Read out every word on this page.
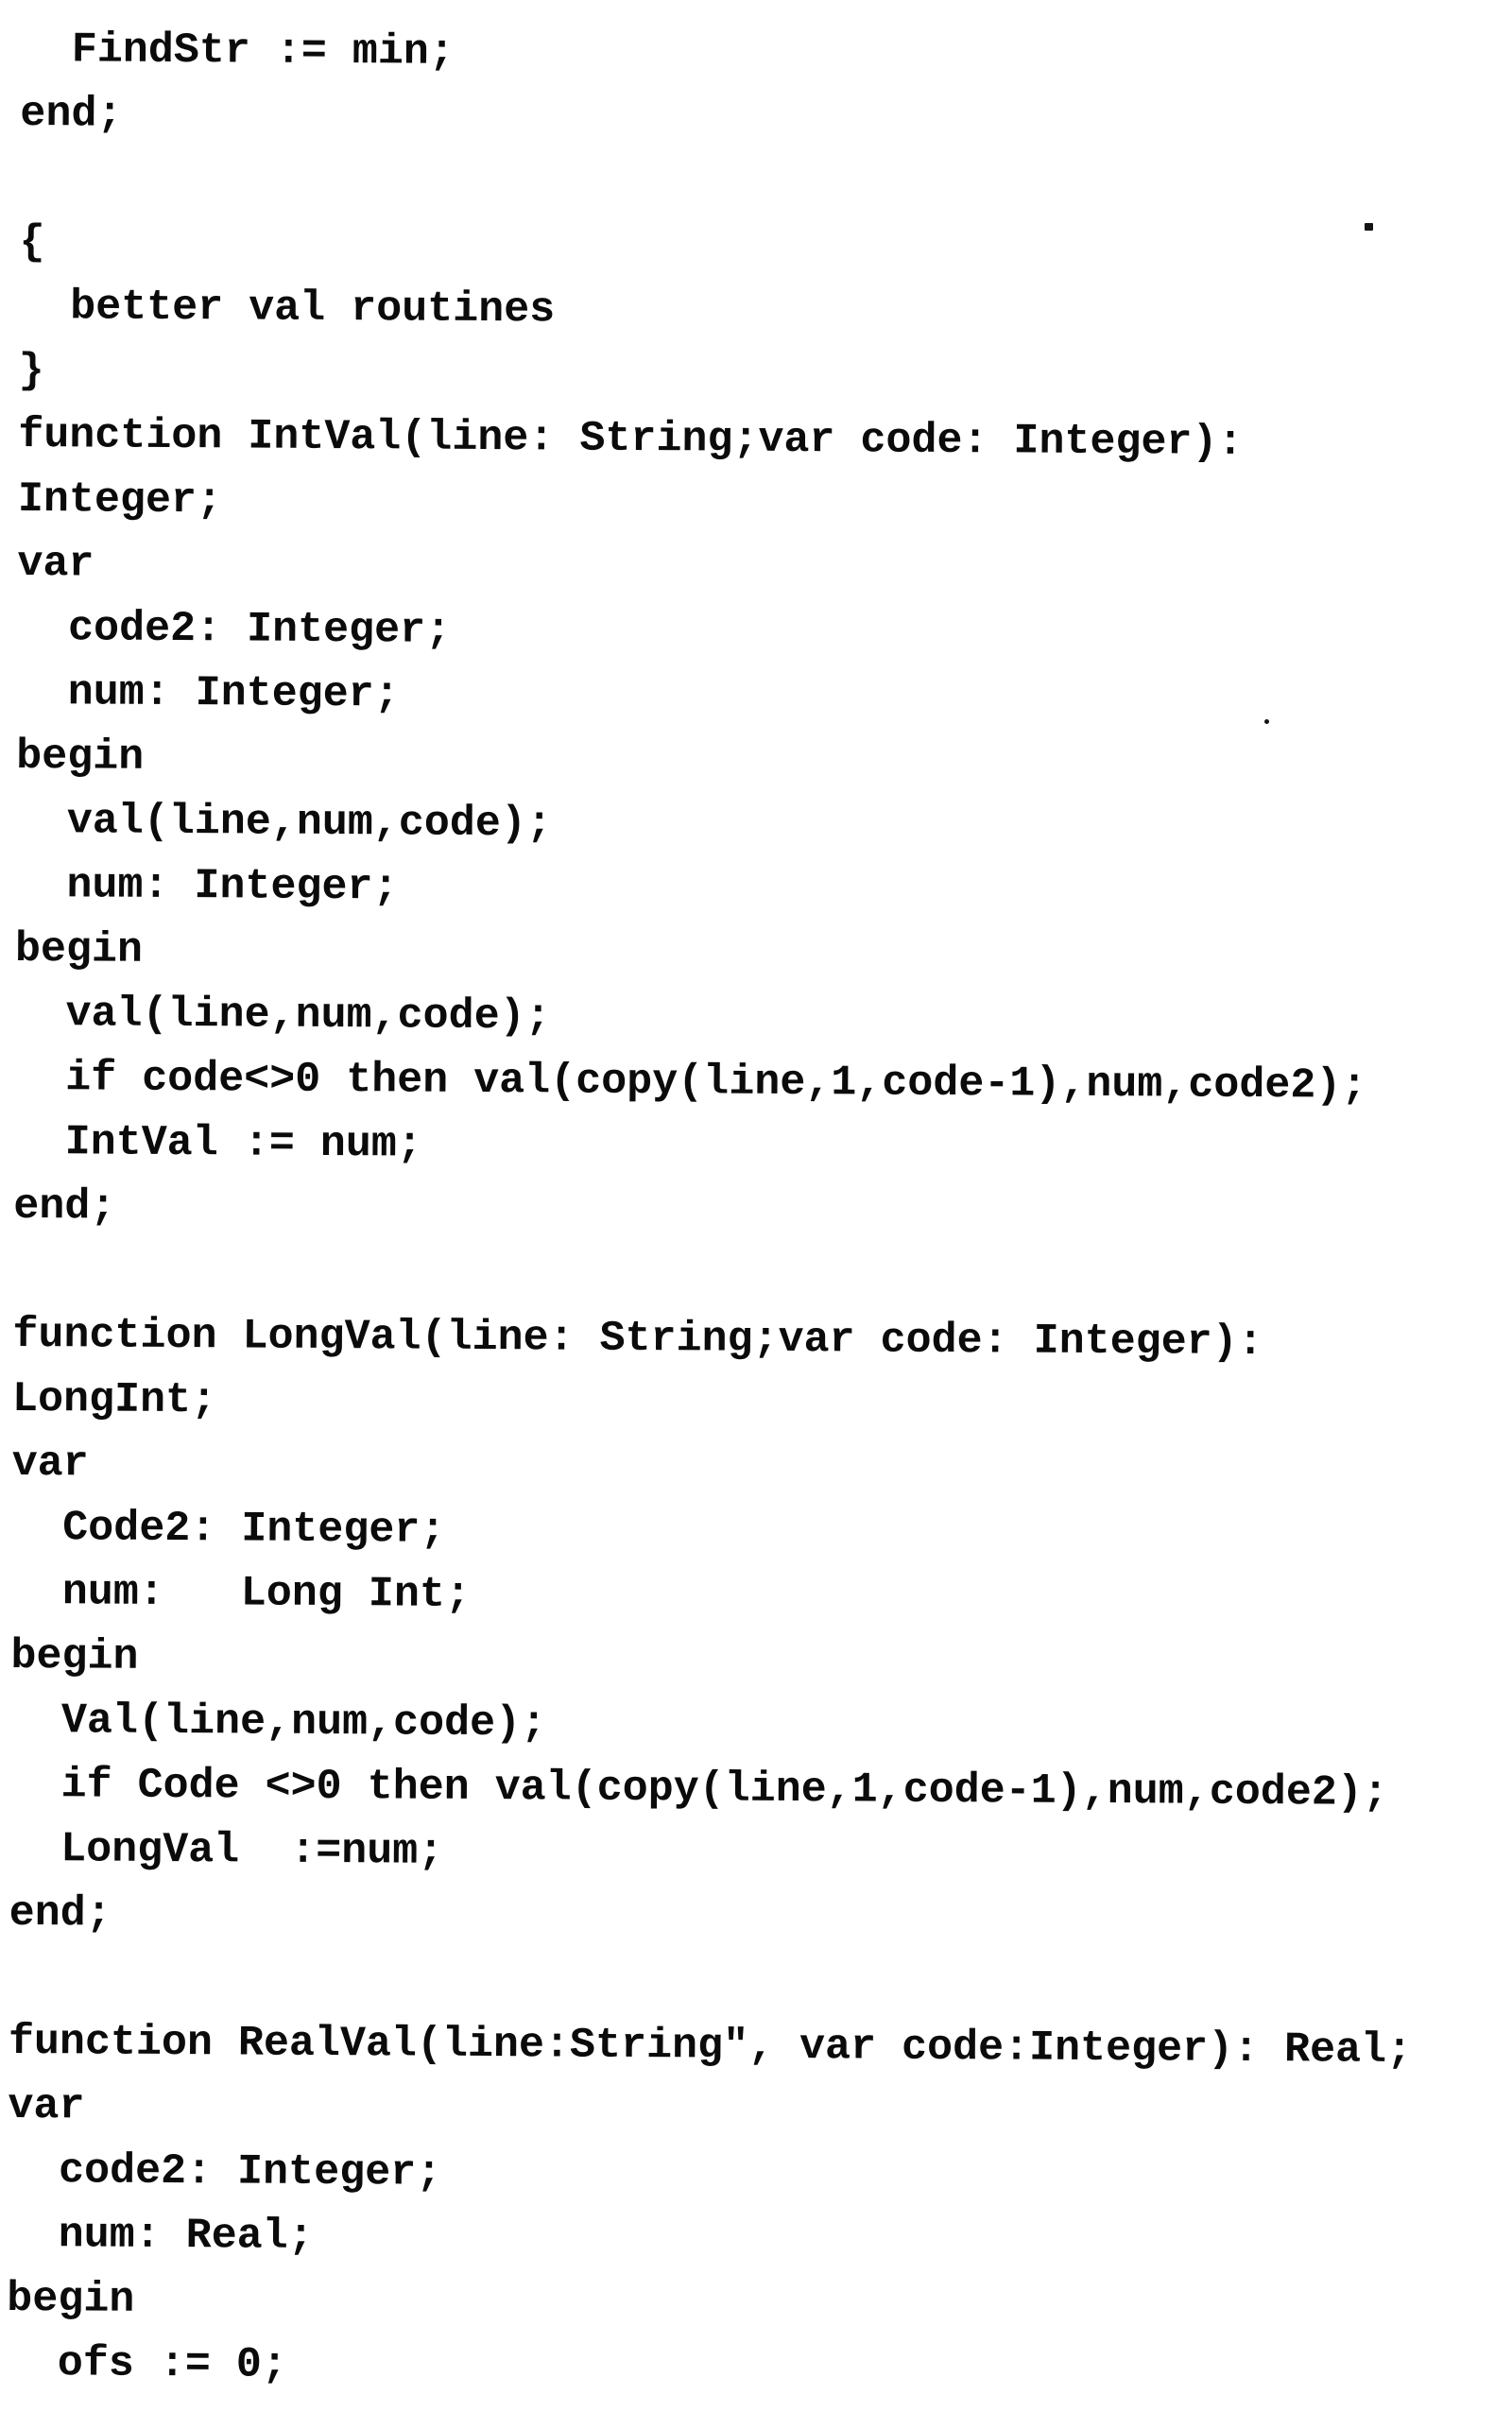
FindStr := min;
end;

{
better val routines
}
function IntVal(line: String;var code: Integer):
Integer;
var
code2: Integer;
num: Integer;
begin
val(line,num,code);
num: Integer;
begin
val(line,num,code);
if code<>0 then val(copy(line,1,code-1),num,code2);
IntVal := num;
end;

function LongVal(line: String;var code: Integer):
LongInt;
var
Code2: Integer;
num:   Long Int;
begin
Val(line,num,code);
if Code <>0 then val(copy(line,1,code-1),num,code2);
LongVal  :=num;
end;

function RealVal(line:String", var code:Integer): Real;
var
code2: Integer;
num: Real;
begin
ofs := 0;
